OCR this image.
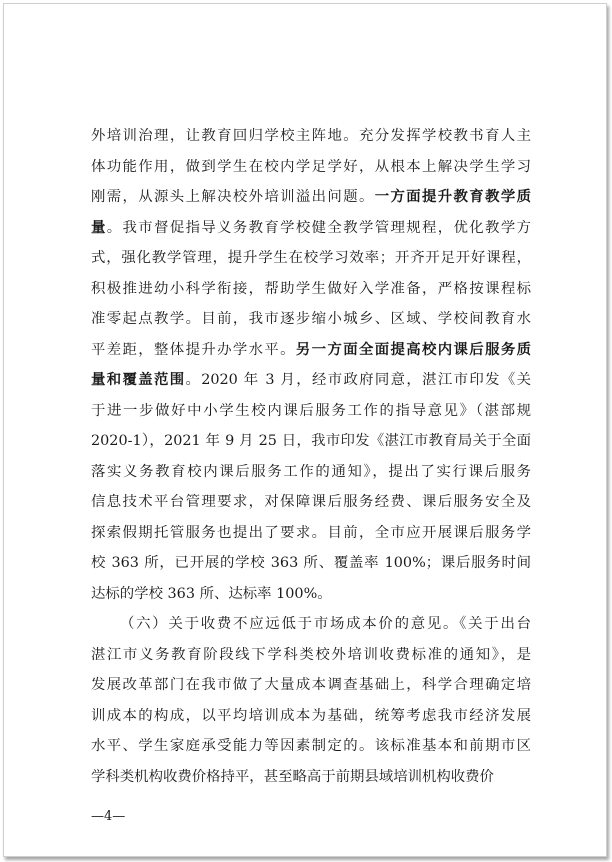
外培训治理，让教育回归学校主阵地。充分发挥学校教书育人主
体功能作用，做到学生在校内学足学好，从根本上解决学生学习
刚需，从源头上解决校外培训溢出问题。一方面提升教育教学质
量。我市督促指导义务教育学校健全教学管理规程，优化教学方
式，强化教学管理，提升学生在校学习效率；开齐开足开好课程，
积极推进幼小科学衔接，帮助学生做好入学准备，严格按课程标
准零起点教学。目前，我市逐步缩小城乡、区域、学校间教育水
平差距，整体提升办学水平。另一方面全面提高校内课后服务质
量和覆盖范围。2020 年 3 月，经市政府同意，湛江市印发《关
于进一步做好中小学生校内课后服务工作的指导意见》（湛部规
2020-1），2021 年 9 月 25 日，我市印发《湛江市教育局关于全面
落实义务教育校内课后服务工作的通知》，提出了实行课后服务
信息技术平台管理要求，对保障课后服务经费、课后服务安全及
探索假期托管服务也提出了要求。目前，全市应开展课后服务学
校 363 所，已开展的学校 363 所、覆盖率 100%；课后服务时间
达标的学校 363 所、达标率 100%。
（六）关于收费不应远低于市场成本价的意见。《关于出台
湛江市义务教育阶段线下学科类校外培训收费标准的通知》，是
发展改革部门在我市做了大量成本调查基础上，科学合理确定培
训成本的构成，以平均培训成本为基础，统筹考虑我市经济发展
水平、学生家庭承受能力等因素制定的。该标准基本和前期市区
学科类机构收费价格持平，甚至略高于前期县域培训机构收费价
—4—
